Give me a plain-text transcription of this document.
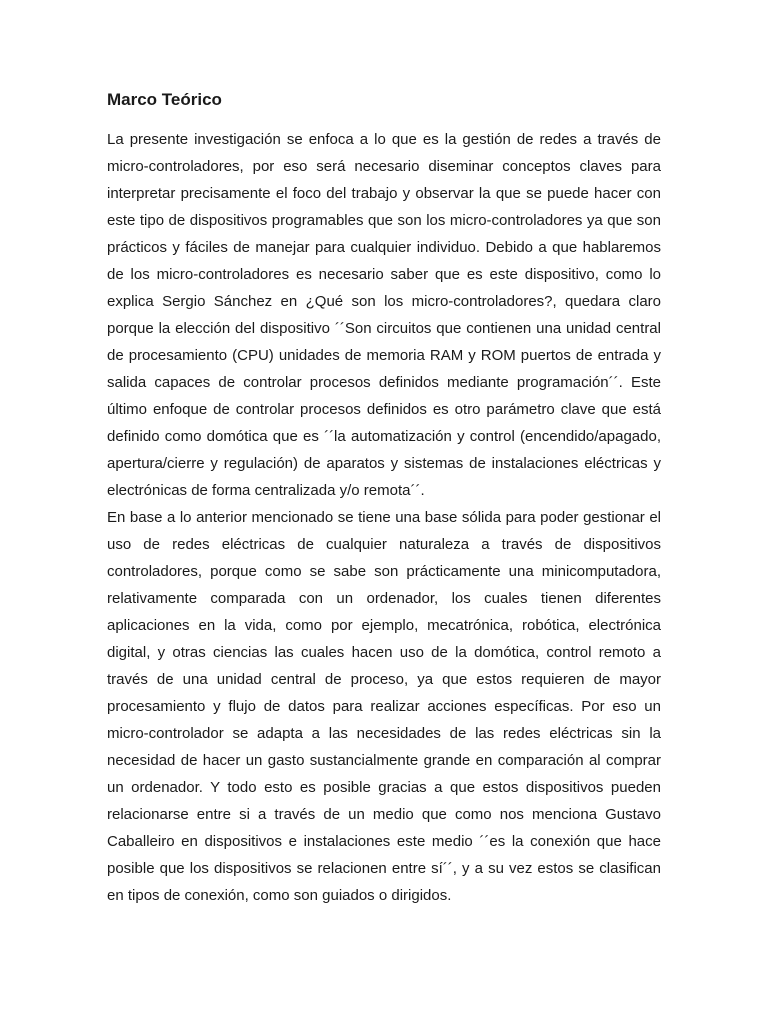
Marco Teórico
La presente investigación se enfoca a lo que es la gestión de redes a través de
micro-controladores, por eso será necesario diseminar conceptos claves para
interpretar precisamente el foco del trabajo y observar la que se puede hacer con
este tipo de dispositivos programables que son los micro-controladores ya que son
prácticos y fáciles de manejar para cualquier individuo. Debido a que hablaremos
de los micro-controladores es necesario saber que es este dispositivo, como lo
explica Sergio Sánchez en ¿Qué son los micro-controladores?, quedara claro
porque la elección del dispositivo ´´Son circuitos que contienen una unidad central
de procesamiento (CPU) unidades de memoria RAM y ROM puertos de entrada y
salida capaces de controlar procesos definidos mediante programación´´. Este
último enfoque de controlar procesos definidos es otro parámetro clave que está
definido como domótica que es ´´la automatización y control (encendido/apagado,
apertura/cierre y regulación) de aparatos y sistemas de instalaciones eléctricas y
electrónicas de forma centralizada y/o remota´´.
En base a lo anterior mencionado se tiene una base sólida para poder gestionar el
uso de redes eléctricas de cualquier naturaleza a través de dispositivos
controladores, porque como se sabe son prácticamente una minicomputadora,
relativamente comparada con un ordenador, los cuales tienen diferentes
aplicaciones en la vida, como por ejemplo, mecatrónica, robótica, electrónica
digital, y otras ciencias las cuales hacen uso de la domótica, control remoto a
través de una unidad central de proceso, ya que estos requieren de mayor
procesamiento y flujo de datos para realizar acciones específicas. Por eso un
micro-controlador se adapta a las necesidades de las redes eléctricas sin la
necesidad de hacer un gasto sustancialmente grande en comparación al comprar
un ordenador. Y todo esto es posible gracias a que estos dispositivos pueden
relacionarse entre si a través de un medio que como nos menciona Gustavo
Caballeiro en dispositivos e instalaciones este medio ´´es la conexión que hace
posible que los dispositivos se relacionen entre sí´´, y a su vez estos se clasifican
en tipos de conexión, como son guiados o dirigidos.
